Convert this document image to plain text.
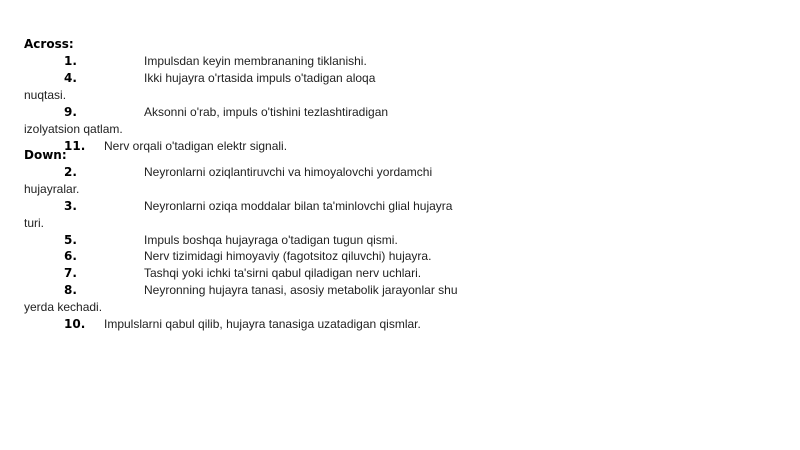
Across:
1.	Impulsdan keyin membrananing tiklanishi.
4.	Ikki hujayra o'rtasida impuls o'tadigan aloqa
nuqtasi.
9.	Aksonni o'rab, impuls o'tishini tezlashtiradigan
izolyatsion qatlam.
11. Nerv orqali o'tadigan elektr signali.
Down:
2.	Neyronlarni oziqlantiruvchi va himoyalovchi yordamchi
hujayralar.
3.	Neyronlarni oziqa moddalar bilan ta'minlovchi glial hujayra
turi.
5.	Impuls boshqa hujayraga o'tadigan tugun qismi.
6.	Nerv tizimidagi himoyaviy (fagotsitoz qiluvchi) hujayra.
7.	Tashqi yoki ichki ta'sirni qabul qiladigan nerv uchlari.
8.	Neyronning hujayra tanasi, asosiy metabolik jarayonlar shu
yerda kechadi.
10. Impulslarni qabul qilib, hujayra tanasiga uzatadigan qismlar.
